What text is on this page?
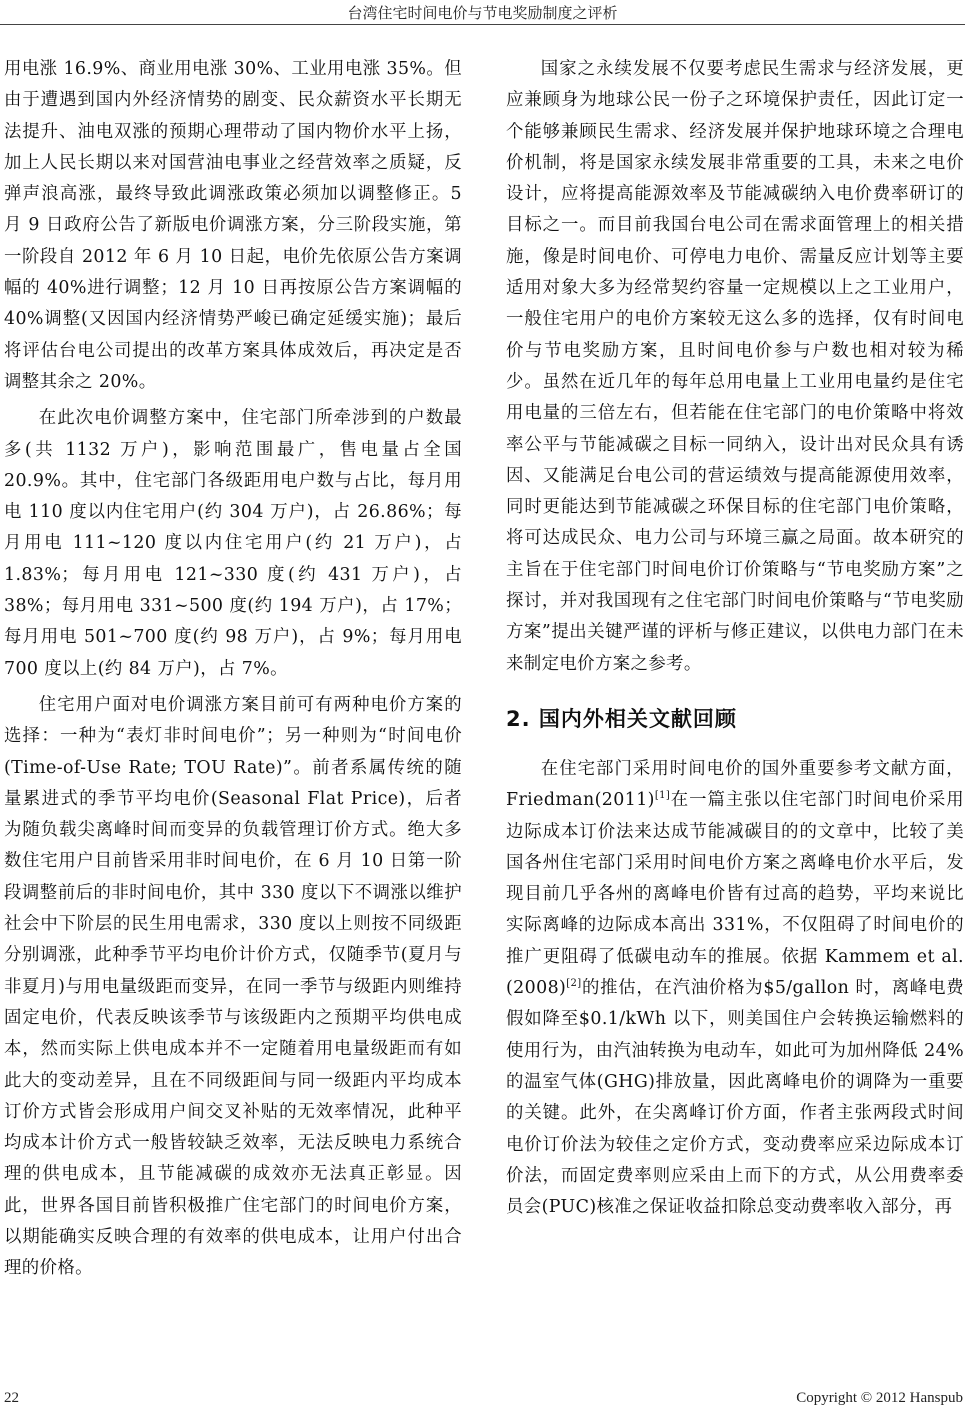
台湾住宅时间电价与节电奖励制度之评析

用电涨 16.9%、商业用电涨 30%、工业用电涨 35%。但由于遭遇到国内外经济情势的剧变、民众薪资水平长期无法提升、油电双涨的预期心理带动了国内物价水平上扬，加上人民长期以来对国营油电事业之经营效率之质疑，反弹声浪高涨，最终导致此调涨政策必须加以调整修正。5 月 9 日政府公告了新版电价调涨方案，分三阶段实施，第一阶段自 2012 年 6 月 10 日起，电价先依原公告方案调幅的 40%进行调整；12 月 10 日再按原公告方案调幅的 40%调整(又因国内经济情势严峻已确定延缓实施)；最后将评估台电公司提出的改革方案具体成效后，再决定是否调整其余之 20%。

在此次电价调整方案中，住宅部门所牵涉到的户数最多(共 1132 万户)，影响范围最广，售电量占全国 20.9%。其中，住宅部门各级距用电户数与占比，每月用电 110 度以内住宅用户(约 304 万户)，占 26.86%；每月用电 111~120 度以内住宅用户(约 21 万户)，占 1.83%；每月用电 121~330 度(约 431 万户)，占 38%；每月用电 331~500 度(约 194 万户)，占 17%；每月用电 501~700 度(约 98 万户)，占 9%；每月用电 700 度以上(约 84 万户)，占 7%。

住宅用户面对电价调涨方案目前可有两种电价方案的选择：一种为“表灯非时间电价”；另一种则为“时间电价(Time-of-Use Rate; TOU Rate)”。前者系属传统的随量累进式的季节平均电价(Seasonal Flat Price)，后者为随负载尖离峰时间而变异的负载管理订价方式。绝大多数住宅用户目前皆采用非时间电价，在 6 月 10 日第一阶段调整前后的非时间电价，其中 330 度以下不调涨以维护社会中下阶层的民生用电需求，330 度以上则按不同级距分别调涨，此种季节平均电价计价方式，仅随季节(夏月与非夏月)与用电量级距而变异，在同一季节与级距内则维持固定电价，代表反映该季节与该级距内之预期平均供电成本，然而实际上供电成本并不一定随着用电量级距而有如此大的变动差异，且在不同级距间与同一级距内平均成本订价方式皆会形成用户间交叉补贴的无效率情况，此种平均成本计价方式一般皆较缺乏效率，无法反映电力系统合理的供电成本，且节能减碳的成效亦无法真正彰显。因此，世界各国目前皆积极推广住宅部门的时间电价方案，以期能确实反映合理的有效率的供电成本，让用户付出合理的价格。

国家之永续发展不仅要考虑民生需求与经济发展，更应兼顾身为地球公民一份子之环境保护责任，因此订定一个能够兼顾民生需求、经济发展并保护地球环境之合理电价机制，将是国家永续发展非常重要的工具，未来之电价设计，应将提高能源效率及节能减碳纳入电价费率研订的目标之一。而目前我国台电公司在需求面管理上的相关措施，像是时间电价、可停电力电价、需量反应计划等主要适用对象大多为经常契约容量一定规模以上之工业用户，一般住宅用户的电价方案较无这么多的选择，仅有时间电价与节电奖励方案，且时间电价参与户数也相对较为稀少。虽然在近几年的每年总用电量上工业用电量约是住宅用电量的三倍左右，但若能在住宅部门的电价策略中将效率公平与节能减碳之目标一同纳入，设计出对民众具有诱因、又能满足台电公司的营运绩效与提高能源使用效率，同时更能达到节能减碳之环保目标的住宅部门电价策略，将可达成民众、电力公司与环境三赢之局面。故本研究的主旨在于住宅部门时间电价订价策略与“节电奖励方案”之探讨，并对我国现有之住宅部门时间电价策略与“节电奖励方案”提出关键严谨的评析与修正建议，以供电力部门在未来制定电价方案之参考。

2. 国内外相关文献回顾

在住宅部门采用时间电价的国外重要参考文献方面，Friedman(2011)[1]在一篇主张以住宅部门时间电价采用边际成本订价法来达成节能减碳目的的文章中，比较了美国各州住宅部门采用时间电价方案之离峰电价水平后，发现目前几乎各州的离峰电价皆有过高的趋势，平均来说比实际离峰的边际成本高出 331%，不仅阻碍了时间电价的推广更阻碍了低碳电动车的推展。依据 Kammem et al. (2008)[2]的推估，在汽油价格为$5/gallon 时，离峰电费假如降至$0.1/kWh 以下，则美国住户会转换运输燃料的使用行为，由汽油转换为电动车，如此可为加州降低 24%的温室气体(GHG)排放量，因此离峰电价的调降为一重要的关键。此外，在尖离峰订价方面，作者主张两段式时间电价订价法为较佳之定价方式，变动费率应采边际成本订价法，而固定费率则应采由上而下的方式，从公用费率委员会(PUC)核准之保证收益扣除总变动费率收入部分，再

22	Copyright © 2012 Hanspub
